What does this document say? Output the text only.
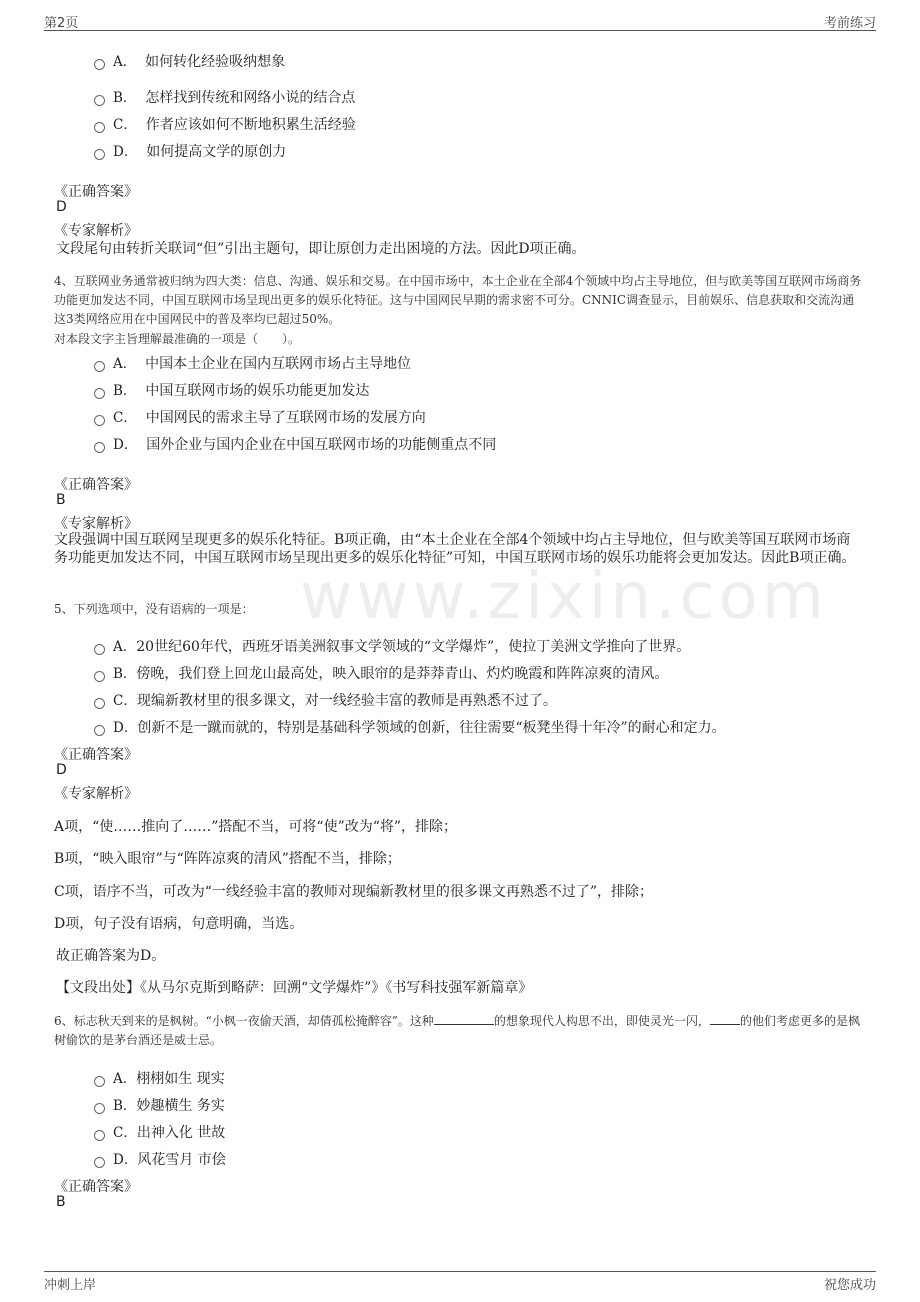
第2页	考前练习
www.zixin.com
A． 如何转化经验吸纳想象
B． 怎样找到传统和网络小说的结合点
C． 作者应该如何不断地积累生活经验
D． 如何提高文学的原创力
《正确答案》
D
《专家解析》
文段尾句由转折关联词“但”引出主题句，即让原创力走出困境的方法。因此D项正确。
4、互联网业务通常被归纳为四大类：信息、沟通、娱乐和交易。在中国市场中，本土企业在全部4个领域中均占主导地位，但与欧美等国互联网市场商务功能更加发达不同，中国互联网市场呈现出更多的娱乐化特征。这与中国网民早期的需求密不可分。CNNIC调查显示，目前娱乐、信息获取和交流沟通这3类网络应用在中国网民中的普及率均已超过50%。
对本段文字主旨理解最准确的一项是（　　）。
A． 中国本土企业在国内互联网市场占主导地位
B． 中国互联网市场的娱乐功能更加发达
C． 中国网民的需求主导了互联网市场的发展方向
D． 国外企业与国内企业在中国互联网市场的功能侧重点不同
《正确答案》
B
《专家解析》
文段强调中国互联网呈现更多的娱乐化特征。B项正确，由“本土企业在全部4个领域中均占主导地位，但与欧美等国互联网市场商务功能更加发达不同，中国互联网市场呈现出更多的娱乐化特征”可知，中国互联网市场的娱乐功能将会更加发达。因此B项正确。
5、下列选项中，没有语病的一项是：
A．20世纪60年代，西班牙语美洲叙事文学领域的“文学爆炸”，使拉丁美洲文学推向了世界。
B．傍晚，我们登上回龙山最高处，映入眼帘的是莽莽青山、灼灼晚霞和阵阵凉爽的清风。
C．现编新教材里的很多课文，对一线经验丰富的教师是再熟悉不过了。
D．创新不是一蹴而就的，特别是基础科学领域的创新，往往需要“板凳坐得十年冷”的耐心和定力。
《正确答案》
D
《专家解析》
A项，“使……推向了……”搭配不当，可将“使”改为“将”，排除；
B项，“映入眼帘”与“阵阵凉爽的清风”搭配不当，排除；
C项，语序不当，可改为“一线经验丰富的教师对现编新教材里的很多课文再熟悉不过了”，排除；
D项，句子没有语病，句意明确，当选。
故正确答案为D。
【文段出处】《从马尔克斯到略萨：回溯“文学爆炸”》《书写科技强军新篇章》
6、标志秋天到来的是枫树。“小枫一夜偷天酒，却倩孤松掩醉容”。这种	的想象现代人构思不出，即使灵光一闪，	的他们考虑更多的是枫树偷饮的是茅台酒还是威士忌。
A．栩栩如生 现实
B．妙趣横生 务实
C．出神入化 世故
D．风花雪月 市侩
《正确答案》
B
冲刺上岸	祝您成功
